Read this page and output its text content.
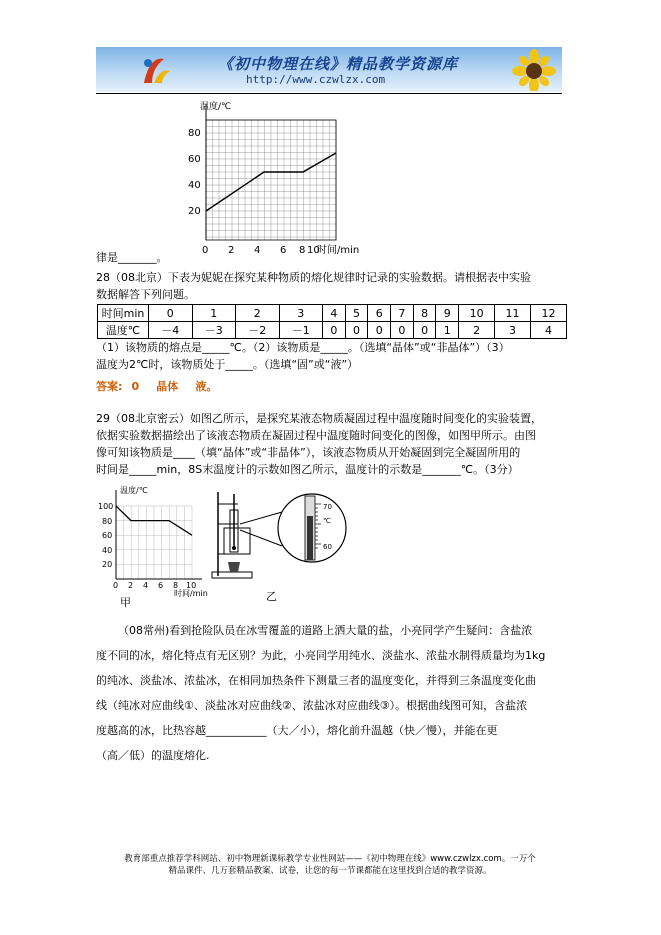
《初中物理在线》精品教学资源库
http://www.czwlzx.com
温度/℃
80
60
40
20
0 2 4 6 8 10
时间/min
律是_______。
28（08北京）下表为妮妮在探究某种物质的熔化规律时记录的实验数据。请根据表中实验
数据解答下列问题。
时间min	0	1	2	3	4	5	6	7	8	9	10	11	12
温度℃	－4	－3	－2	－1	0	0	0	0	0	1	2	3	4
（1）该物质的熔点是_____℃。（2）该物质是_____。（选填“晶体”或“非晶体”）（3）
温度为2℃时，该物质处于_____。（选填“固”或“液”）
答案: 0 晶体 液。
29（08北京密云）如图乙所示，是探究某液态物质凝固过程中温度随时间变化的实验装置，
依据实验数据描绘出了该液态物质在凝固过程中温度随时间变化的图像，如图甲所示。由图
像可知该物质是____（填“晶体”或“非晶体”），该液态物质从开始凝固到完全凝固所用的
时间是_____min，8S末温度计的示数如图乙所示，温度计的示数是_______℃。（3分）
温度/℃
100
80
60
40
20
0 2 4 6 8 10
时间/min
甲
70
℃
60
乙
（08常州)看到抢险队员在冰雪覆盖的道路上洒大量的盐，小亮同学产生疑问：含盐浓
度不同的冰，熔化特点有无区别？为此，小亮同学用纯水、淡盐水、浓盐水制得质量均为1kg
的纯冰、淡盐冰、浓盐冰，在相同加热条件下测量三者的温度变化，并得到三条温度变化曲
线（纯冰对应曲线①、淡盐冰对应曲线②、浓盐冰对应曲线③）。根据曲线图可知，含盐浓
度越高的冰，比热容越___________（大／小），熔化前升温越（快／慢），并能在更
（高／低）的温度熔化.
教育部重点推荐学科网站、初中物理新课标教学专业性网站——《初中物理在线》www.czwlzx.com。一万个
精品课件、几万套精品教案、试卷，让您的每一节课都能在这里找到合适的教学资源。
